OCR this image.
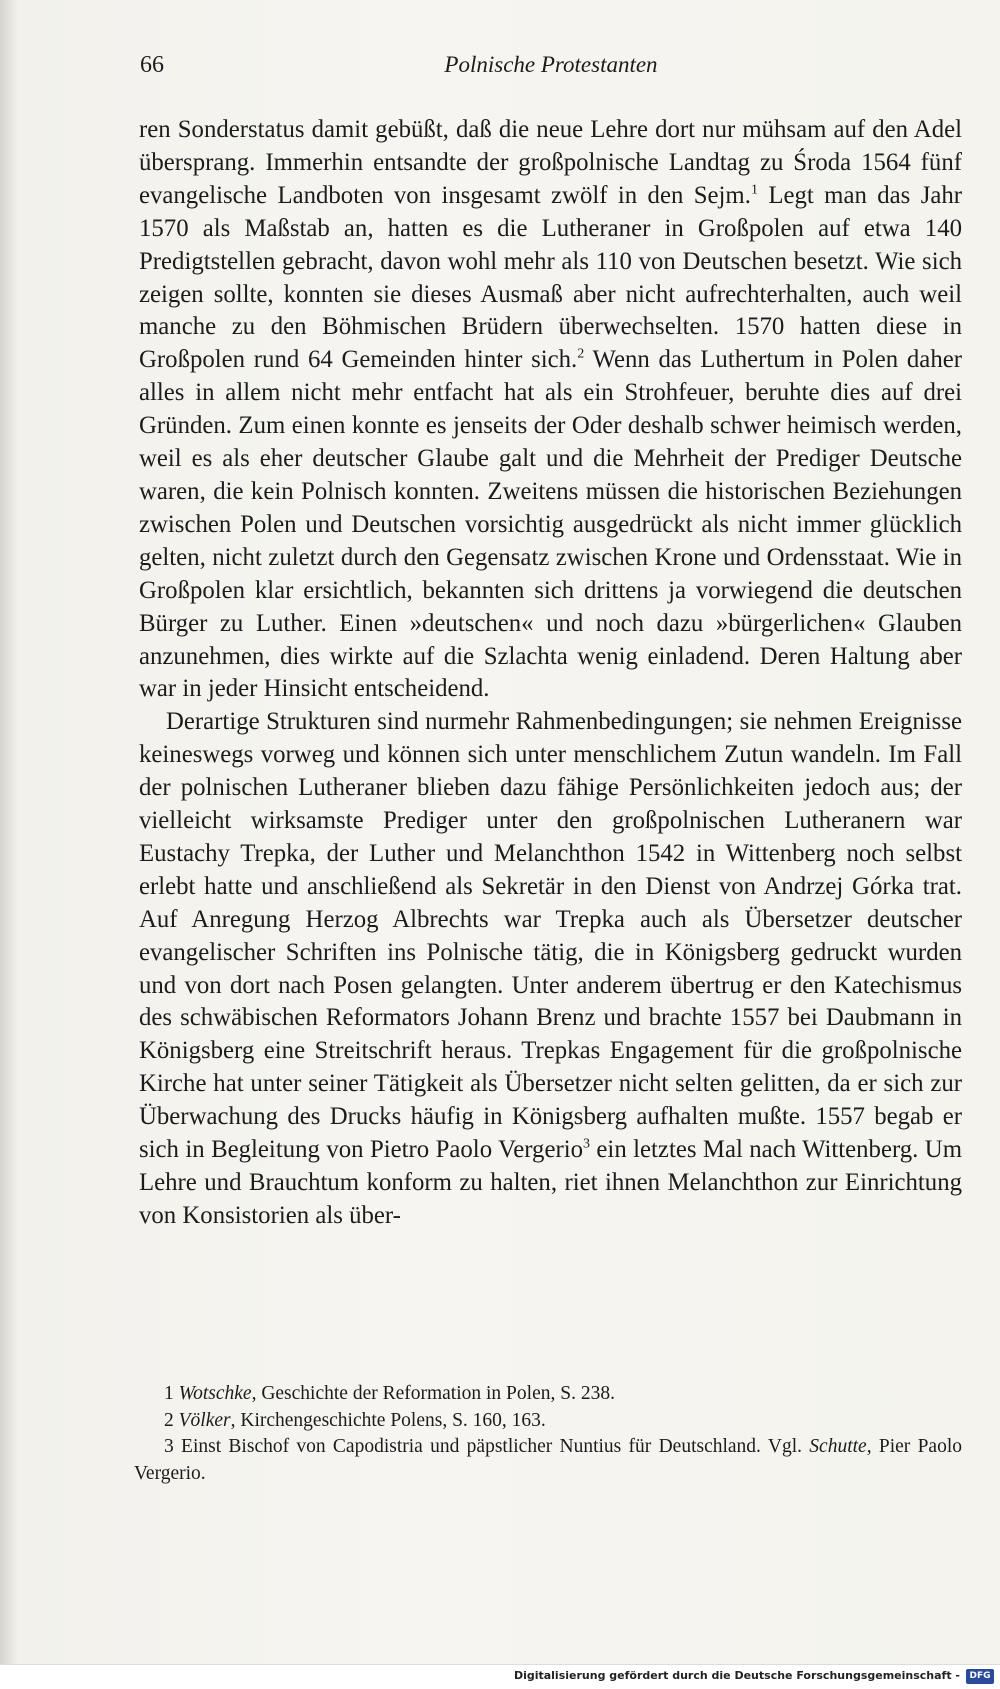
66	Polnische Protestanten

ren Sonderstatus damit gebüßt, daß die neue Lehre dort nur mühsam auf den Adel übersprang. Immerhin entsandte der großpolnische Landtag zu Środa 1564 fünf evangelische Landboten von insgesamt zwölf in den Sejm.$^1$ Legt man das Jahr 1570 als Maßstab an, hatten es die Lutheraner in Großpolen auf etwa 140 Predigtstellen gebracht, davon wohl mehr als 110 von Deutschen besetzt. Wie sich zeigen sollte, konnten sie dieses Ausmaß aber nicht aufrechterhalten, auch weil manche zu den Böhmischen Brüdern überwechselten. 1570 hatten diese in Großpolen rund 64 Gemeinden hinter sich.$^2$ Wenn das Luthertum in Polen daher alles in allem nicht mehr entfacht hat als ein Strohfeuer, beruhte dies auf drei Gründen. Zum einen konnte es jenseits der Oder deshalb schwer heimisch werden, weil es als eher deutscher Glaube galt und die Mehrheit der Prediger Deutsche waren, die kein Polnisch konnten. Zweitens müssen die historischen Beziehungen zwischen Polen und Deutschen vorsichtig ausgedrückt als nicht immer glücklich gelten, nicht zuletzt durch den Gegensatz zwischen Krone und Ordensstaat. Wie in Großpolen klar ersichtlich, bekannten sich drittens ja vorwiegend die deutschen Bürger zu Luther. Einen »deutschen« und noch dazu »bürgerlichen« Glauben anzunehmen, dies wirkte auf die Szlachta wenig einladend. Deren Haltung aber war in jeder Hinsicht entscheidend.

Derartige Strukturen sind nurmehr Rahmenbedingungen; sie nehmen Ereignisse keineswegs vorweg und können sich unter menschlichem Zutun wandeln. Im Fall der polnischen Lutheraner blieben dazu fähige Persönlichkeiten jedoch aus; der vielleicht wirksamste Prediger unter den großpolnischen Lutheranern war Eustachy Trepka, der Luther und Melanchthon 1542 in Wittenberg noch selbst erlebt hatte und anschließend als Sekretär in den Dienst von Andrzej Górka trat. Auf Anregung Herzog Albrechts war Trepka auch als Übersetzer deutscher evangelischer Schriften ins Polnische tätig, die in Königsberg gedruckt wurden und von dort nach Posen gelangten. Unter anderem übertrug er den Katechismus des schwäbischen Reformators Johann Brenz und brachte 1557 bei Daubmann in Königsberg eine Streitschrift heraus. Trepkas Engagement für die großpolnische Kirche hat unter seiner Tätigkeit als Übersetzer nicht selten gelitten, da er sich zur Überwachung des Drucks häufig in Königsberg aufhalten mußte. 1557 begab er sich in Begleitung von Pietro Paolo Vergerio$^3$ ein letztes Mal nach Wittenberg. Um Lehre und Brauchtum konform zu halten, riet ihnen Melanchthon zur Einrichtung von Konsistorien als über-

1 Wotschke, Geschichte der Reformation in Polen, S. 238.

2 Völker, Kirchengeschichte Polens, S. 160, 163.

3 Einst Bischof von Capodistria und päpstlicher Nuntius für Deutschland. Vgl. Schutte, Pier Paolo Vergerio.

Digitalisierung gefördert durch die Deutsche Forschungsgemeinschaft -	DFG
